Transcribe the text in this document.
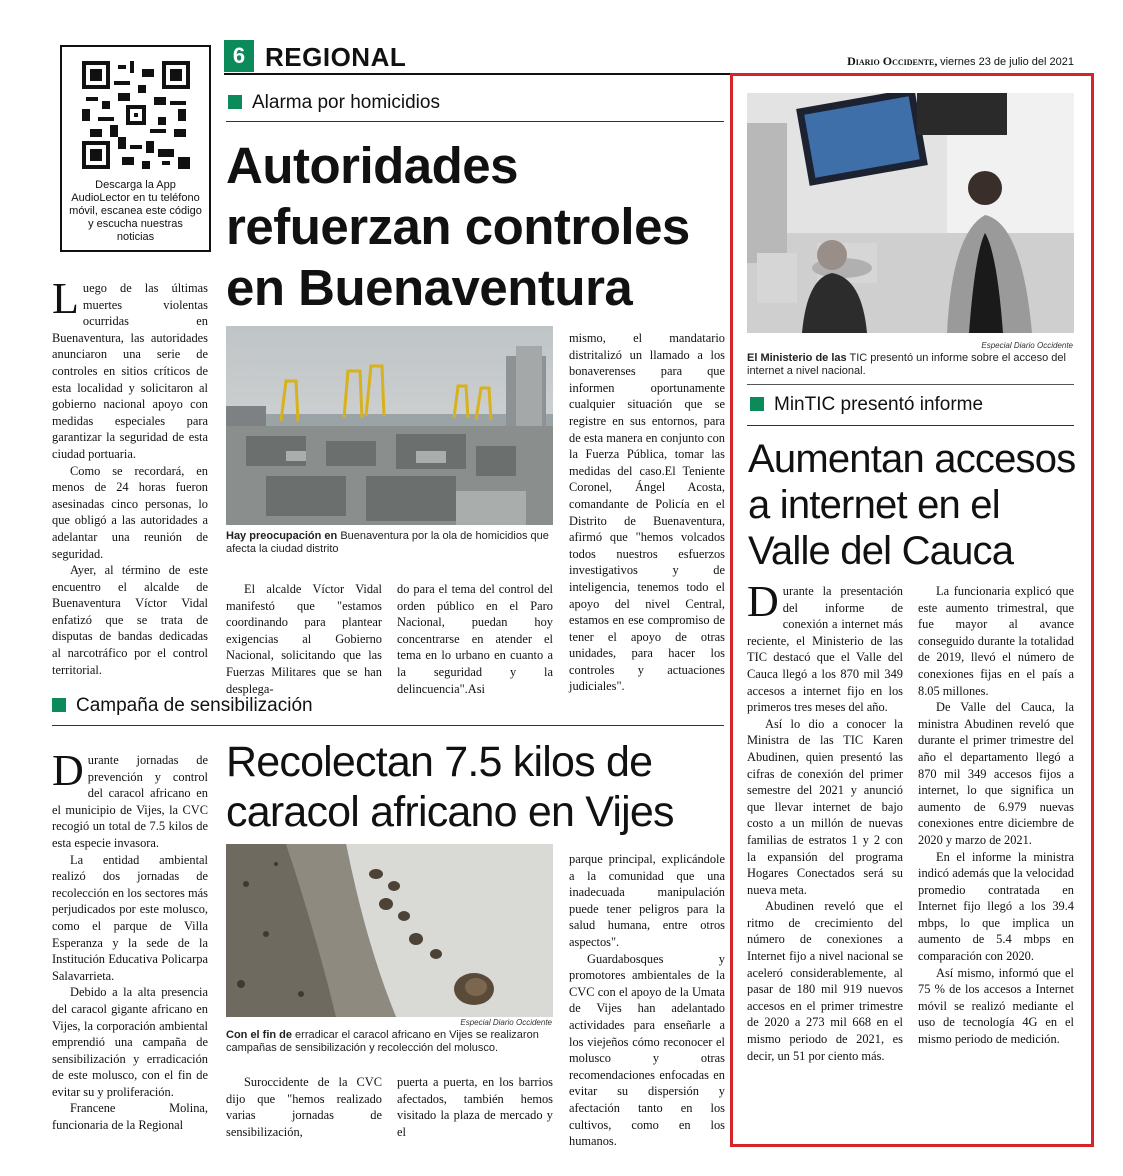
Descarga la App AudioLector en tu teléfono móvil, escanea este código y escucha nuestras noticias
6 REGIONAL	Diario Occidente, viernes 23 de julio del 2021
Alarma por homicidios
Autoridades refuerzan controles en Buenaventura

Luego de las últimas muertes violentas ocurridas en Buenaventura, las autoridades anunciaron una serie de controles en sitios críticos de esta localidad y solicitaron al gobierno nacional apoyo con medidas especiales para garantizar la seguridad de esta ciudad portuaria.

Como se recordará, en menos de 24 horas fueron asesinadas cinco personas, lo que obligó a las autoridades a adelantar una reunión de seguridad.

Ayer, al término de este encuentro el alcalde de Buenaventura Víctor Vidal enfatizó que se trata de disputas de bandas dedicadas al narcotráfico por el control territorial.

Hay preocupación en Buenaventura por la ola de homicidios que afecta la ciudad distrito

El alcalde Víctor Vidal manifestó que "estamos coordinando para plantear exigencias al Gobierno Nacional, solicitando que las Fuerzas Militares que se han desplega-

do para el tema del control del orden público en el Paro Nacional, puedan hoy concentrarse en atender el tema en lo urbano en cuanto a la seguridad y la delincuencia".Asi

mismo, el mandatario distritalizó un llamado a los bonaverenses para que informen oportunamente cualquier situación que se registre en sus entornos, para de esta manera en conjunto con la Fuerza Pública, tomar las medidas del caso.El Teniente Coronel, Ángel Acosta, comandante de Policía en el Distrito de Buenaventura, afirmó que "hemos volcados todos nuestros esfuerzos investigativos y de inteligencia, tenemos todo el apoyo del nivel Central, estamos en ese compromiso de tener el apoyo de otras unidades, para hacer los controles y actuaciones judiciales".

Campaña de sensibilización
Recolectan 7.5 kilos de caracol africano en Vijes

Durante jornadas de prevención y control del caracol africano en el municipio de Vijes, la CVC recogió un total de 7.5 kilos de esta especie invasora.

La entidad ambiental realizó dos jornadas de recolección en los sectores más perjudicados por este molusco, como el parque de Villa Esperanza y la sede de la Institución Educativa Policarpa Salavarrieta.

Debido a la alta presencia del caracol gigante africano en Vijes, la corporación ambiental emprendió una campaña de sensibilización y erradicación de este molusco, con el fin de evitar su y proliferación.

Francene Molina, funcionaria de la Regional

Especial Diario Occidente
Con el fin de erradicar el caracol africano en Vijes se realizaron campañas de sensibilización y recolección del molusco.

Suroccidente de la CVC dijo que "hemos realizado varias jornadas de sensibilización,

puerta a puerta, en los barrios afectados, también hemos visitado la plaza de mercado y el

parque principal, explicándole a la comunidad que una inadecuada manipulación puede tener peligros para la salud humana, entre otros aspectos".

Guardabosques y promotores ambientales de la CVC con el apoyo de la Umata de Vijes han adelantado actividades para enseñarle a los viejeños cómo reconocer el molusco y otras recomendaciones enfocadas en evitar su dispersión y afectación tanto en los cultivos, como en los humanos.

Especial Diario Occidente
El Ministerio de las TIC presentó un informe sobre el acceso del internet a nivel nacional.
MinTIC presentó informe
Aumentan accesos a internet en el Valle del Cauca

Durante la presentación del informe de conexión a internet más reciente, el Ministerio de las TIC destacó que el Valle del Cauca llegó a los 870 mil 349 accesos a internet fijo en los primeros tres meses del año.

Así lo dio a conocer la Ministra de las TIC Karen Abudinen, quien presentó las cifras de conexión del primer semestre del 2021 y anunció que llevar internet de bajo costo a un millón de nuevas familias de estratos 1 y 2 con la expansión del programa Hogares Conectados será su nueva meta.

Abudinen reveló que el ritmo de crecimiento del número de conexiones a Internet fijo a nivel nacional se aceleró considerablemente, al pasar de 180 mil 919 nuevos accesos en el primer trimestre de 2020 a 273 mil 668 en el mismo periodo de 2021, es decir, un 51 por ciento más.

La funcionaria explicó que este aumento trimestral, que fue mayor al avance conseguido durante la totalidad de 2019, llevó el número de conexiones fijas en el país a 8.05 millones.

De Valle del Cauca, la ministra Abudinen reveló que durante el primer trimestre del año el departamento llegó a 870 mil 349 accesos fijos a internet, lo que significa un aumento de 6.979 nuevas conexiones entre diciembre de 2020 y marzo de 2021.

En el informe la ministra indicó además que la velocidad promedio contratada en Internet fijo llegó a los 39.4 mbps, lo que implica un aumento de 5.4 mbps en comparación con 2020.

Así mismo, informó que el 75 % de los accesos a Internet móvil se realizó mediante el uso de tecnología 4G en el mismo periodo de medición.
